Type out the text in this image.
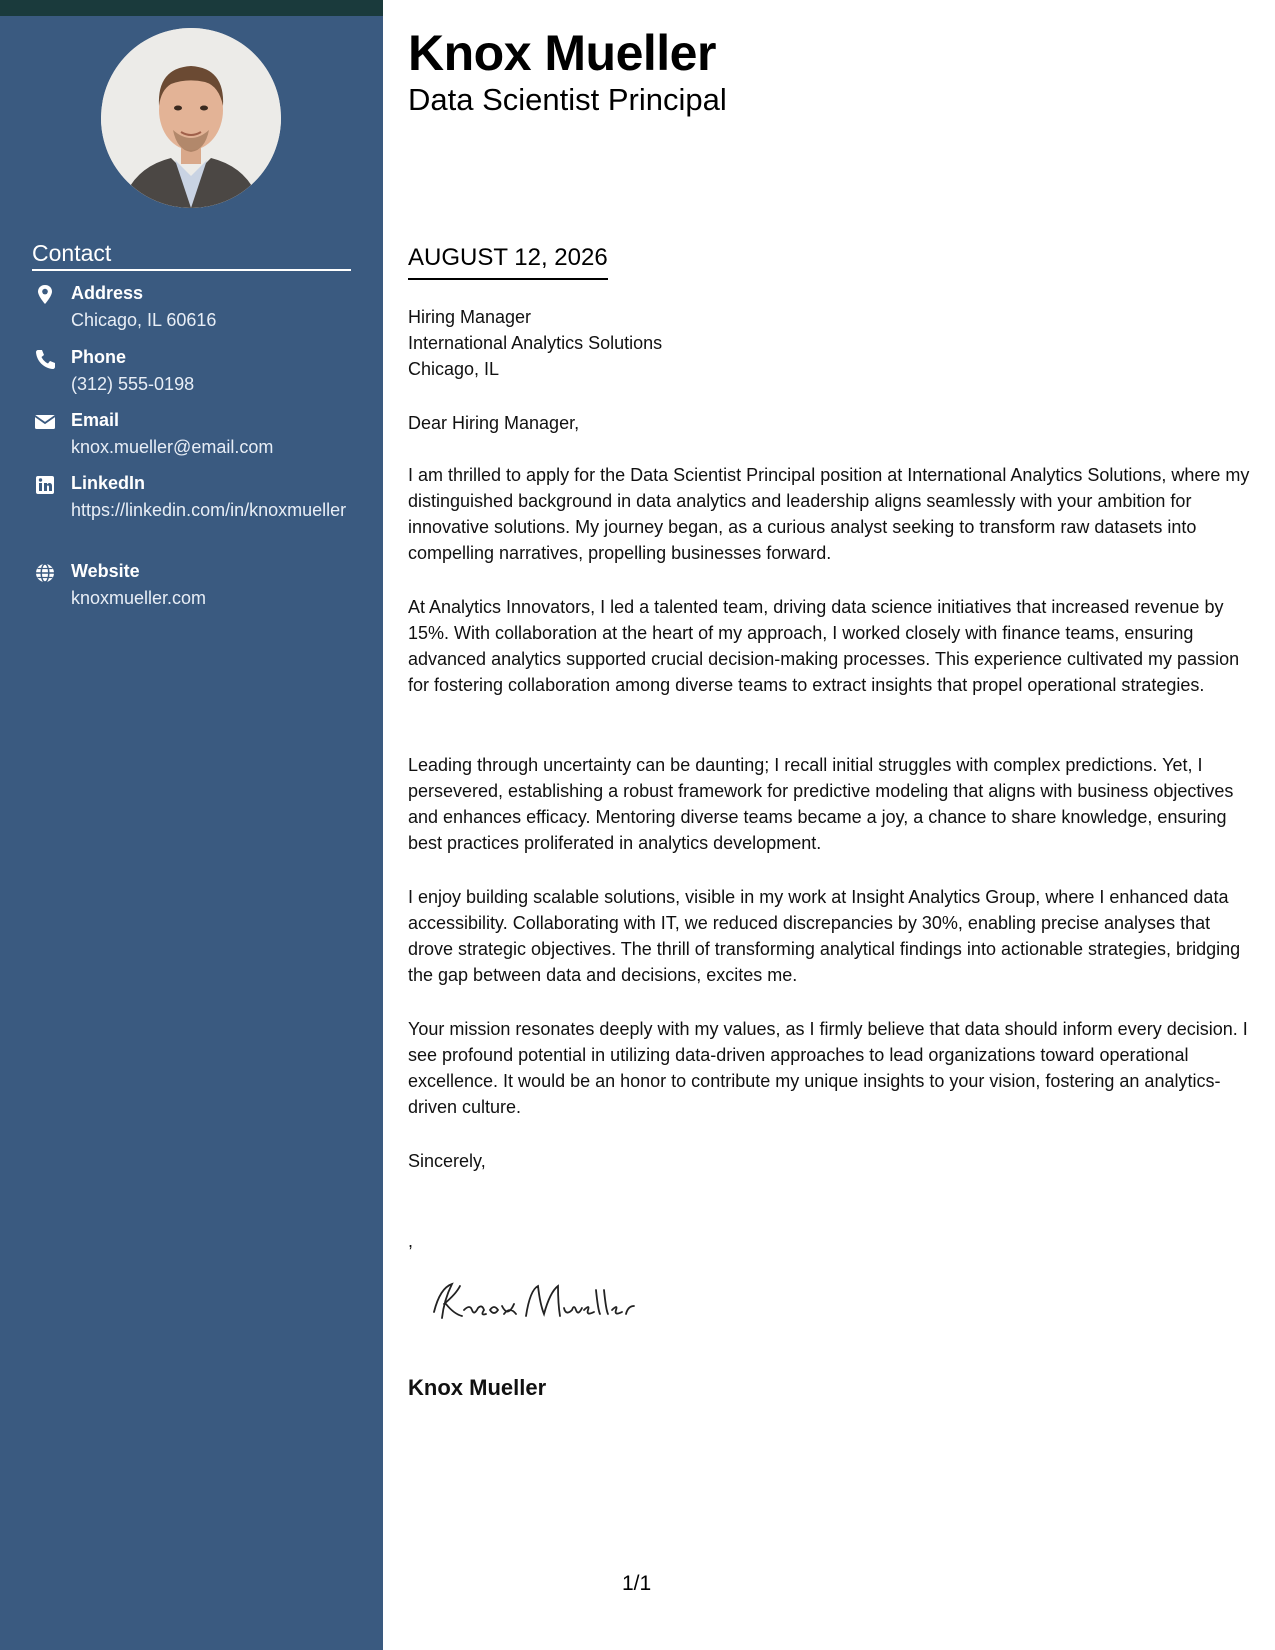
Contact
Address
Chicago, IL 60616
Phone
(312) 555-0198
Email
knox.mueller@email.com
LinkedIn
https://linkedin.com/in/knoxmueller
Website
knoxmueller.com
Knox Mueller
Data Scientist Principal
AUGUST 12, 2026
Hiring Manager
International Analytics Solutions
Chicago, IL

Dear Hiring Manager,

I am thrilled to apply for the Data Scientist Principal position at International Analytics Solutions, where my distinguished background in data analytics and leadership aligns seamlessly with your ambition for innovative solutions. My journey began, as a curious analyst seeking to transform raw datasets into compelling narratives, propelling businesses forward.

At Analytics Innovators, I led a talented team, driving data science initiatives that increased revenue by 15%. With collaboration at the heart of my approach, I worked closely with finance teams, ensuring advanced analytics supported crucial decision-making processes. This experience cultivated my passion for fostering collaboration among diverse teams to extract insights that propel operational strategies.

Leading through uncertainty can be daunting; I recall initial struggles with complex predictions. Yet, I persevered, establishing a robust framework for predictive modeling that aligns with business objectives and enhances efficacy. Mentoring diverse teams became a joy, a chance to share knowledge, ensuring best practices proliferated in analytics development.

I enjoy building scalable solutions, visible in my work at Insight Analytics Group, where I enhanced data accessibility. Collaborating with IT, we reduced discrepancies by 30%, enabling precise analyses that drove strategic objectives. The thrill of transforming analytical findings into actionable strategies, bridging the gap between data and decisions, excites me.

Your mission resonates deeply with my values, as I firmly believe that data should inform every decision. I see profound potential in utilizing data-driven approaches to lead organizations toward operational excellence. It would be an honor to contribute my unique insights to your vision, fostering an analytics-driven culture.

Sincerely,

,

Knox Mueller
1/1
